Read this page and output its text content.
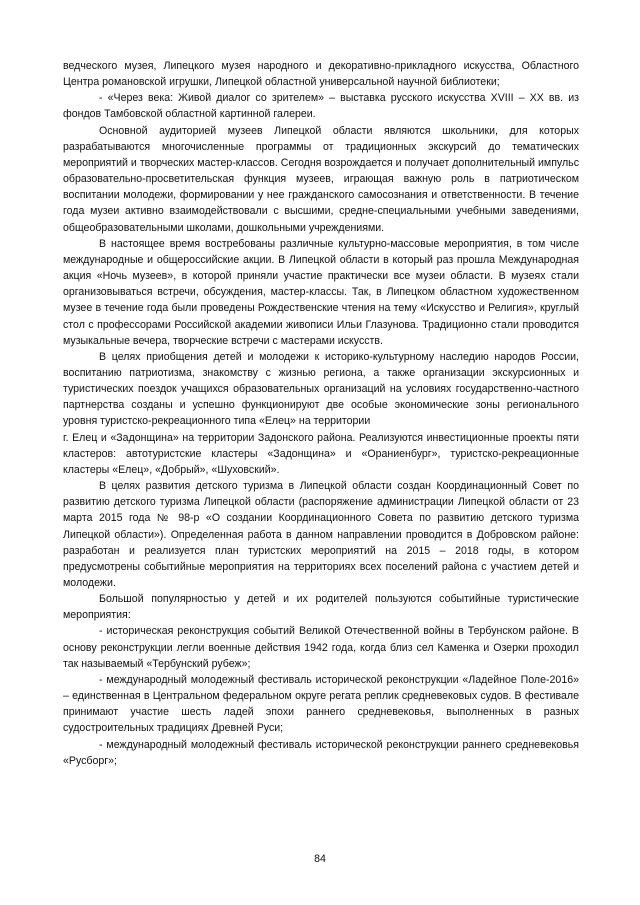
ведческого музея, Липецкого музея народного и декоративно-прикладного искусства, Областного Центра романовской игрушки, Липецкой областной универсальной научной библиотеки;

- «Через века: Живой диалог со зрителем» – выставка русского искусства XVIII – XX вв. из фондов Тамбовской областной картинной галереи.

Основной аудиторией музеев Липецкой области являются школьники, для которых разрабатываются многочисленные программы от традиционных экскурсий до тематических мероприятий и творческих мастер-классов. Сегодня возрождается и получает дополнительный импульс образовательно-просветительская функция музеев, играющая важную роль в патриотическом воспитании молодежи, формировании у нее гражданского самосознания и ответственности. В течение года музеи активно взаимодействовали с высшими, средне-специальными учебными заведениями, общеобразовательными школами, дошкольными учреждениями.

В настоящее время востребованы различные культурно-массовые мероприятия, в том числе международные и общероссийские акции. В Липецкой области в который раз прошла Международная акция «Ночь музеев», в которой приняли участие практически все музеи области. В музеях стали организовываться встречи, обсуждения, мастер-классы. Так, в Липецком областном художественном музее в течение года были проведены Рождественские чтения на тему «Искусство и Религия», круглый стол с профессорами Российской академии живописи Ильи Глазунова. Традиционно стали проводится музыкальные вечера, творческие встречи с мастерами искусств.

В целях приобщения детей и молодежи к историко-культурному наследию народов России, воспитанию патриотизма, знакомству с жизнью региона, а также организации экскурсионных и туристических поездок учащихся образовательных организаций на условиях государственно-частного партнерства созданы и успешно функционируют две особые экономические зоны регионального уровня туристско-рекреационного типа «Елец» на территории

г. Елец и «Задонщина» на территории Задонского района. Реализуются инвестиционные проекты пяти кластеров: автотуристские кластеры «Задонщина» и «Ораниенбург», туристско-рекреационные кластеры «Елец», «Добрый», «Шуховский».

В целях развития детского туризма в Липецкой области создан Координационный Совет по развитию детского туризма Липецкой области (распоряжение администрации Липецкой области от 23 марта 2015 года № 98-р «О создании Координационного Совета по развитию детского туризма Липецкой области»). Определенная работа в данном направлении проводится в Добровском районе: разработан и реализуется план туристских мероприятий на 2015 – 2018 годы, в котором предусмотрены событийные мероприятия на территориях всех поселений района с участием детей и молодежи.

Большой популярностью у детей и их родителей пользуются событийные туристические мероприятия:

- историческая реконструкция событий Великой Отечественной войны в Тербунском районе. В основу реконструкции легли военные действия 1942 года, когда близ сел Каменка и Озерки проходил так называемый «Тербунский рубеж»;

- международный молодежный фестиваль исторической реконструкции «Ладейное Поле-2016» – единственная в Центральном федеральном округе регата реплик средневековых судов. В фестивале принимают участие шесть ладей эпохи раннего средневековья, выполненных в разных судостроительных традициях Древней Руси;

- международный молодежный фестиваль исторической реконструкции раннего средневековья «Русборг»;

84
